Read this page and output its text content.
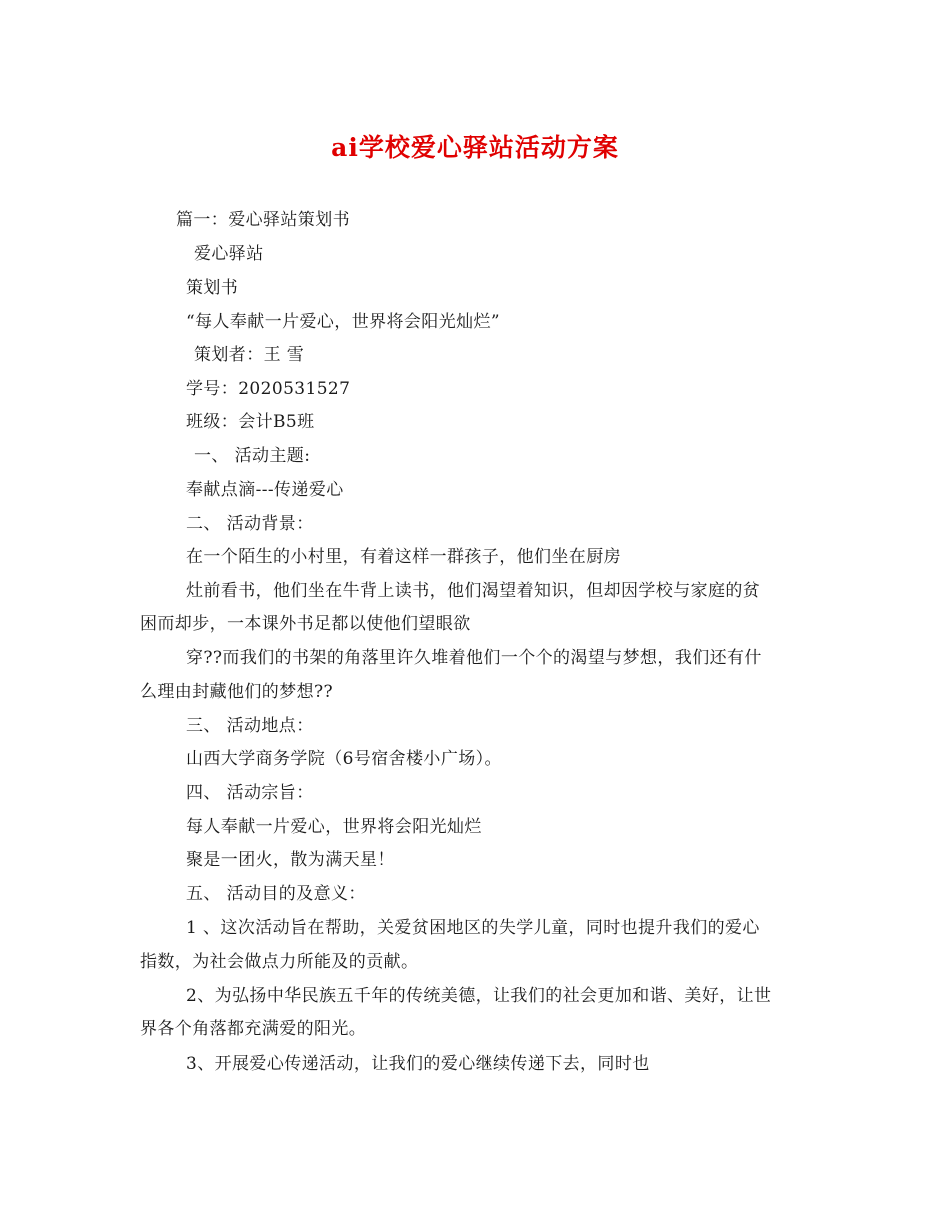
ai学校爱心驿站活动方案
篇一：爱心驿站策划书
爱心驿站
策划书
“每人奉献一片爱心，世界将会阳光灿烂”
策划者：王 雪
学号：2020531527
班级：会计B5班
一、 活动主题:
奉献点滴---传递爱心
二、 活动背景：
在一个陌生的小村里，有着这样一群孩子，他们坐在厨房
灶前看书，他们坐在牛背上读书，他们渴望着知识，但却因学校与家庭的贫
困而却步，一本课外书足都以使他们望眼欲
穿??而我们的书架的角落里许久堆着他们一个个的渴望与梦想，我们还有什
么理由封藏他们的梦想??
三、 活动地点：
山西大学商务学院（6号宿舍楼小广场）。
四、 活动宗旨：
每人奉献一片爱心，世界将会阳光灿烂
聚是一团火，散为满天星！
五、 活动目的及意义：
1 、这次活动旨在帮助，关爱贫困地区的失学儿童，同时也提升我们的爱心
指数，为社会做点力所能及的贡献。
2、为弘扬中华民族五千年的传统美德，让我们的社会更加和谐、美好，让世
界各个角落都充满爱的阳光。
3、开展爱心传递活动，让我们的爱心继续传递下去，同时也
